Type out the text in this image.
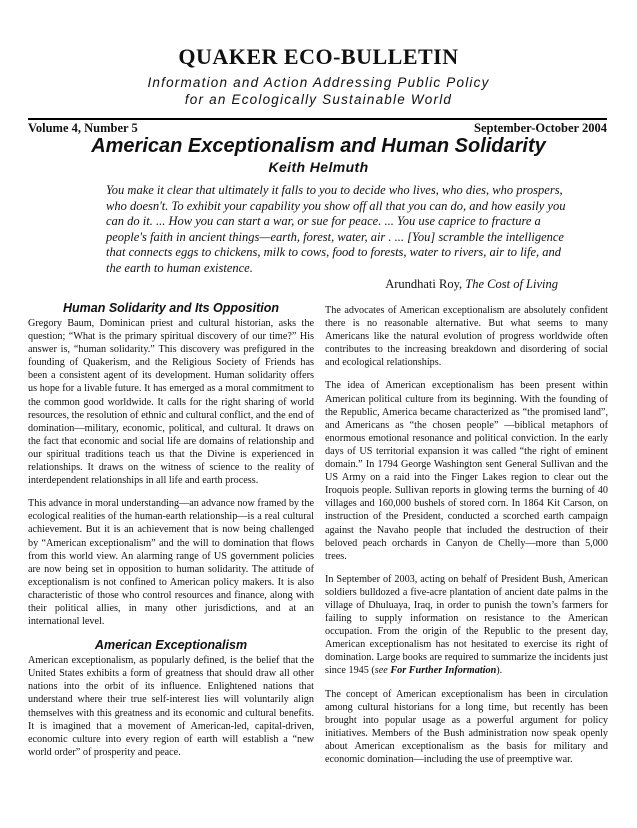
QUAKER ECO-BULLETIN
Information and Action Addressing Public Policy
for an Ecologically Sustainable World
Volume 4, Number 5	September-October 2004
American Exceptionalism and Human Solidarity
Keith Helmuth
You make it clear that ultimately it falls to you to decide who lives, who dies, who prospers,
who doesn't. To exhibit your capability you show off all that you can do, and how easily you
can do it. ... How you can start a war, or sue for peace. ... You use caprice to fracture a
people's faith in ancient things—earth, forest, water, air . ... [You] scramble the intelligence
that connects eggs to chickens, milk to cows, food to forests, water to rivers, air to life, and
the earth to human existence.
Arundhati Roy, The Cost of Living
Human Solidarity and Its Opposition

Gregory Baum, Dominican priest and cultural historian, asks the question; “What is the primary spiritual discovery of our time?” His answer is, “human solidarity.” This discovery was prefigured in the founding of Quakerism, and the Religious Society of Friends has been a consistent agent of its development. Human solidarity offers us hope for a livable future. It has emerged as a moral commitment to the common good worldwide. It calls for the right sharing of world resources, the resolution of ethnic and cultural conflict, and the end of domination—military, economic, political, and cultural. It draws on the fact that economic and social life are domains of relationship and our spiritual traditions teach us that the Divine is experienced in relationships. It draws on the witness of science to the reality of interdependent relationships in all life and earth process.

This advance in moral understanding—an advance now framed by the ecological realities of the human-earth relationship—is a real cultural achievement. But it is an achievement that is now being challenged by “American exceptionalism” and the will to domination that flows from this world view. An alarming range of US government policies are now being set in opposition to human solidarity. The attitude of exceptionalism is not confined to American policy makers. It is also characteristic of those who control resources and finance, along with their political allies, in many other jurisdictions, and at an international level.

American Exceptionalism

American exceptionalism, as popularly defined, is the belief that the United States exhibits a form of greatness that should draw all other nations into the orbit of its influence. Enlightened nations that understand where their true self-interest lies will voluntarily align themselves with this greatness and its economic and cultural benefits. It is imagined that a movement of American-led, capital-driven, economic culture into every region of earth will establish a “new world order” of prosperity and peace.

The advocates of American exceptionalism are absolutely confident there is no reasonable alternative. But what seems to many Americans like the natural evolution of progress worldwide often contributes to the increasing breakdown and disordering of social and ecological relationships.

The idea of American exceptionalism has been present within American political culture from its beginning. With the founding of the Republic, America became characterized as “the promised land”, and Americans as “the chosen people” —biblical metaphors of enormous emotional resonance and political conviction. In the early days of US territorial expansion it was called “the right of eminent domain.” In 1794 George Washington sent General Sullivan and the US Army on a raid into the Finger Lakes region to clear out the Iroquois people. Sullivan reports in glowing terms the burning of 40 villages and 160,000 bushels of stored corn. In 1864 Kit Carson, on instruction of the President, conducted a scorched earth campaign against the Navaho people that included the destruction of their beloved peach orchards in Canyon de Chelly—more than 5,000 trees.

In September of 2003, acting on behalf of President Bush, American soldiers bulldozed a five-acre plantation of ancient date palms in the village of Dhuluaya, Iraq, in order to punish the town’s farmers for failing to supply information on resistance to the American occupation. From the origin of the Republic to the present day, American exceptionalism has not hesitated to exercise its right of domination. Large books are required to summarize the incidents just since 1945 (see For Further Information).

The concept of American exceptionalism has been in circulation among cultural historians for a long time, but recently has been brought into popular usage as a powerful argument for policy initiatives. Members of the Bush administration now speak openly about American exceptionalism as the basis for military and economic domination—including the use of preemptive war.
